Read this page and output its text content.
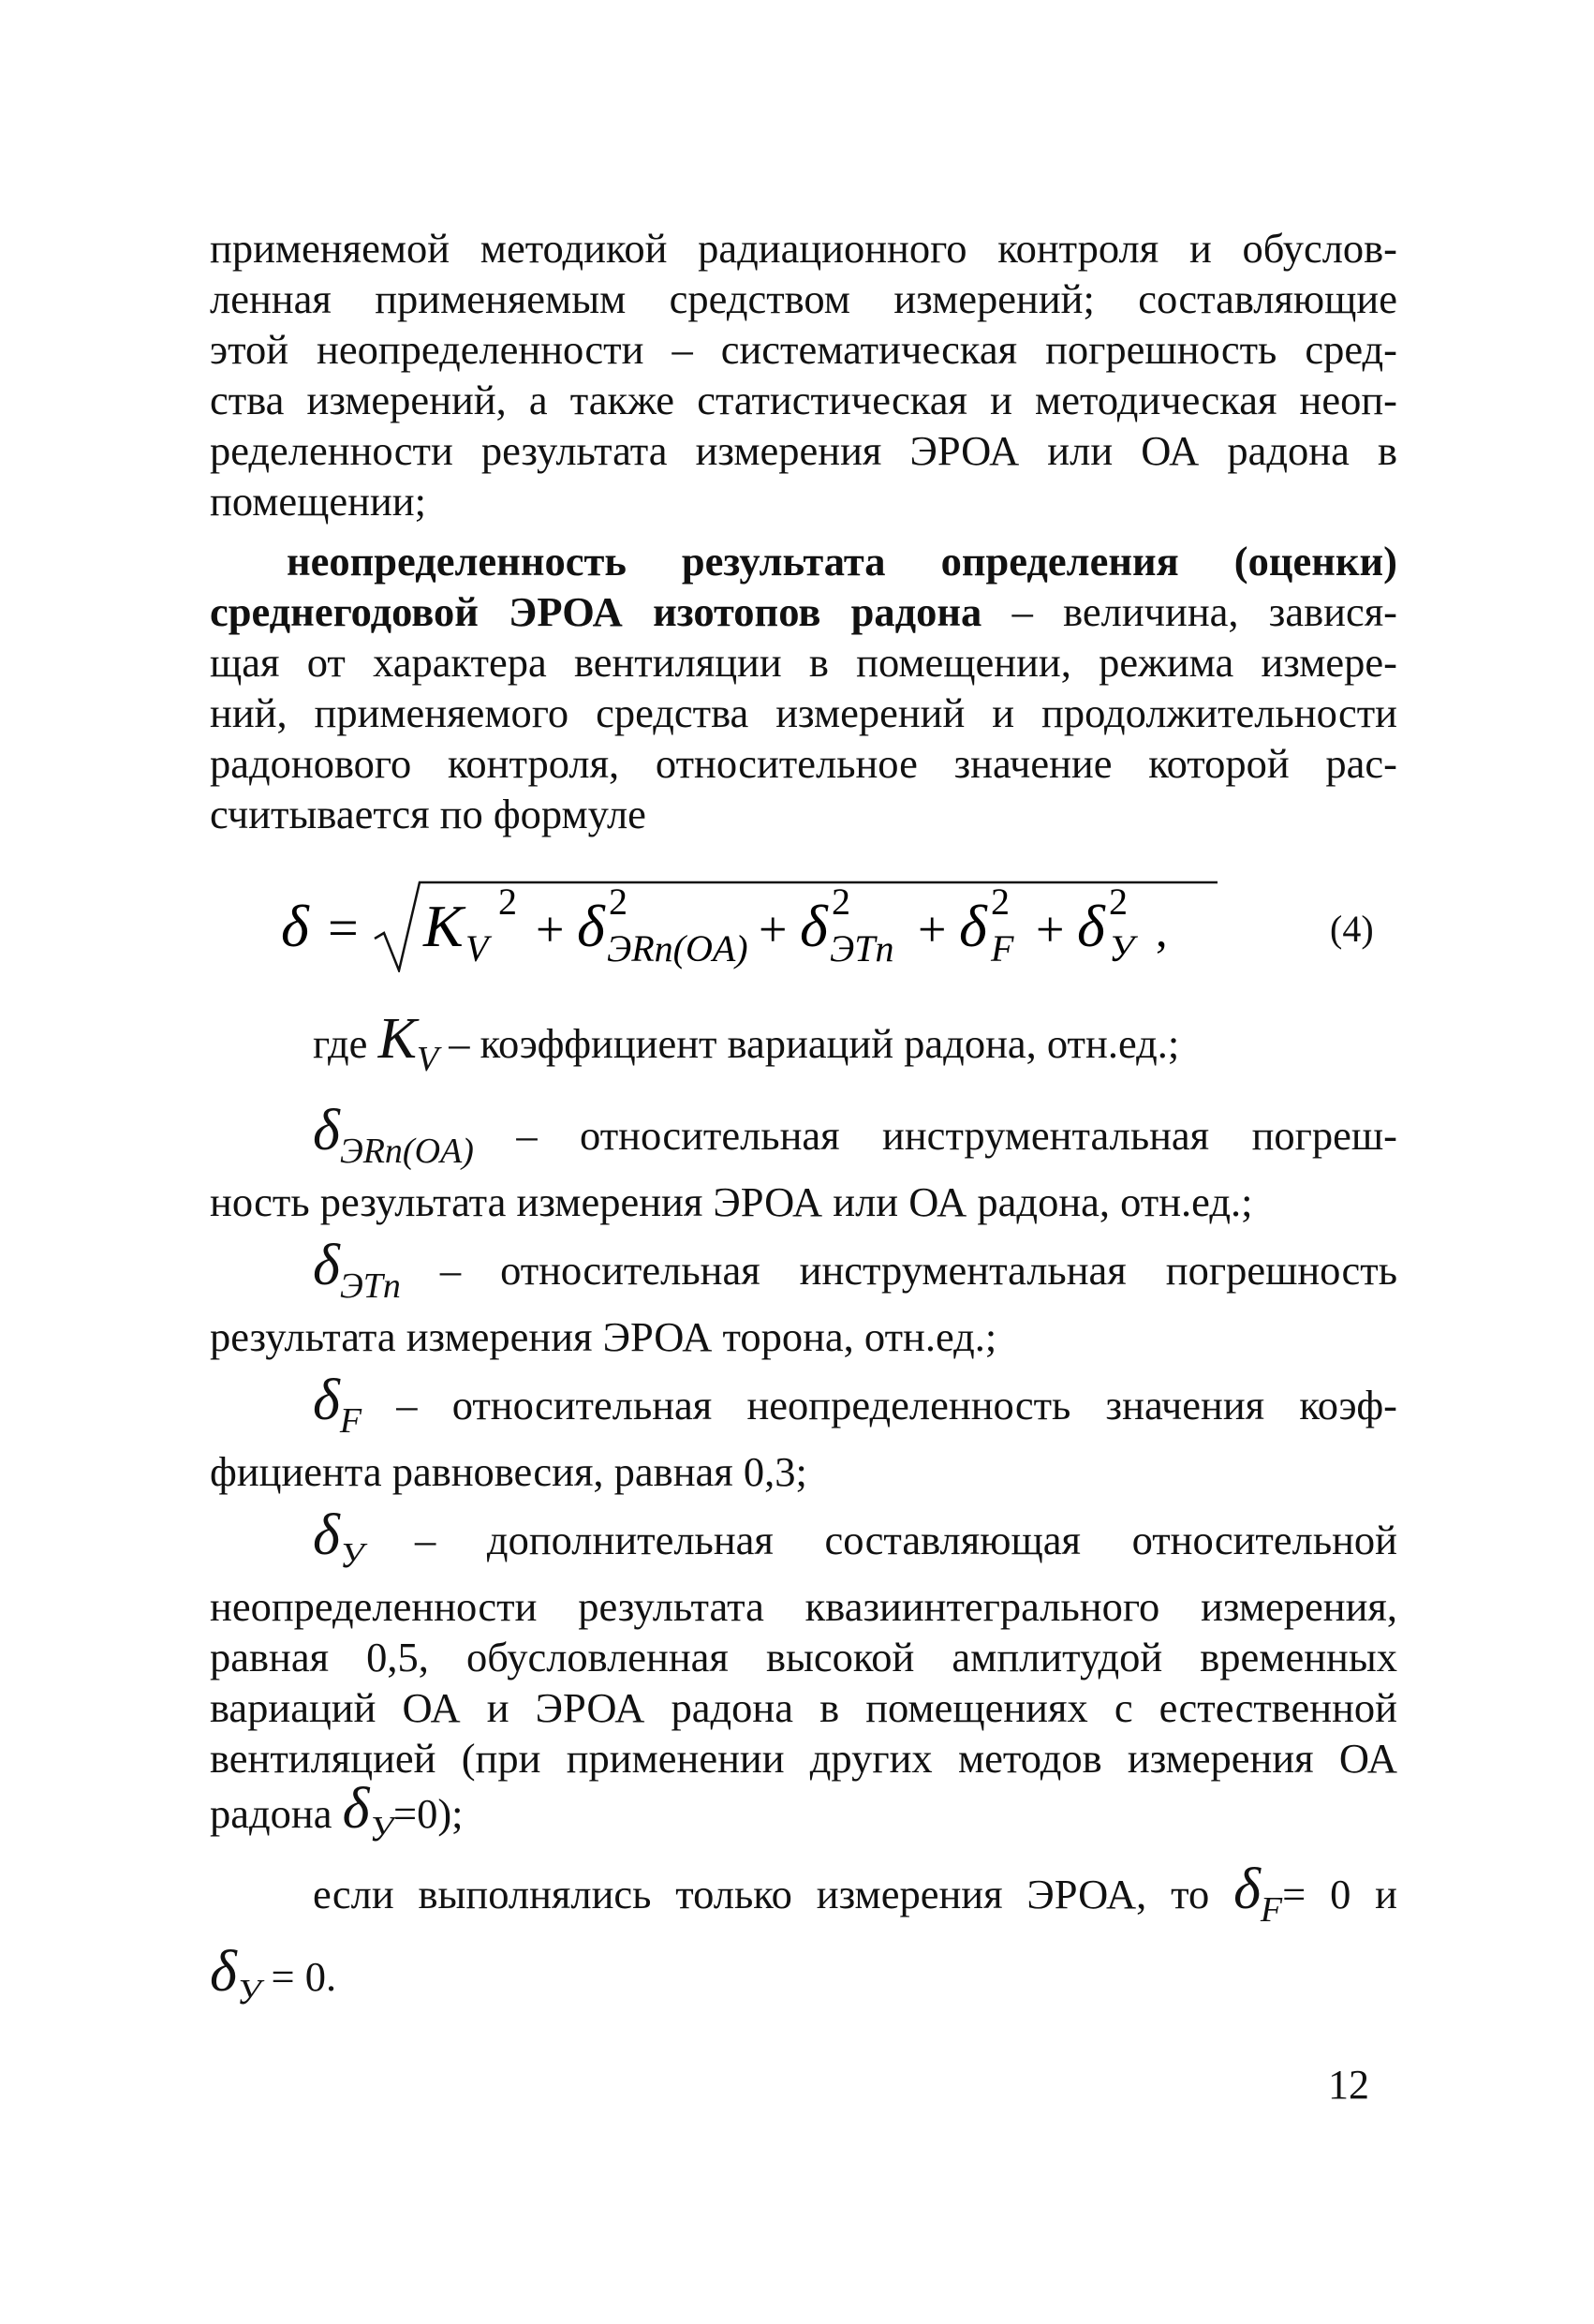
применяемой методикой радиационного контроля и обуслов-
ленная применяемым средством измерений; составляющие
этой неопределенности – систематическая погрешность сред-
ства измерений, а также статистическая и методическая неоп-
ределенности результата измерения ЭРОА или ОА радона в
помещении;
неопределенность результата определения (оценки)
среднегодовой ЭРОА изотопов радона – величина, завися-
щая от характера вентиляции в помещении, режима измере-
ний, применяемого средства измерений и продолжительности
радонового контроля, относительное значение которой рас-
считывается по формуле
δ = K V
2 + δ 2
ЭRn(OA) + δ 2
ЭTn + δ 2
F + δ 2
У ,	(4)
где KV – коэффициент вариаций радона, отн.ед.;
δЭRn(OA) – относительная инструментальная погреш-
ность результата измерения ЭРОА или ОА радона, отн.ед.;
δЭTn – относительная инструментальная погрешность
результата измерения ЭРОА торона, отн.ед.;
δF – относительная неопределенность значения коэф-
фициента равновесия, равная 0,3;
δУ – дополнительная составляющая относительной
неопределенности результата квазиинтегрального измерения,
равная 0,5, обусловленная высокой амплитудой временных
вариаций ОА и ЭРОА радона в помещениях с естественной
вентиляцией (при применении других методов измерения ОА
радона δУ=0);
если выполнялись только измерения ЭРОА, то δF= 0 и
δУ = 0.
12
